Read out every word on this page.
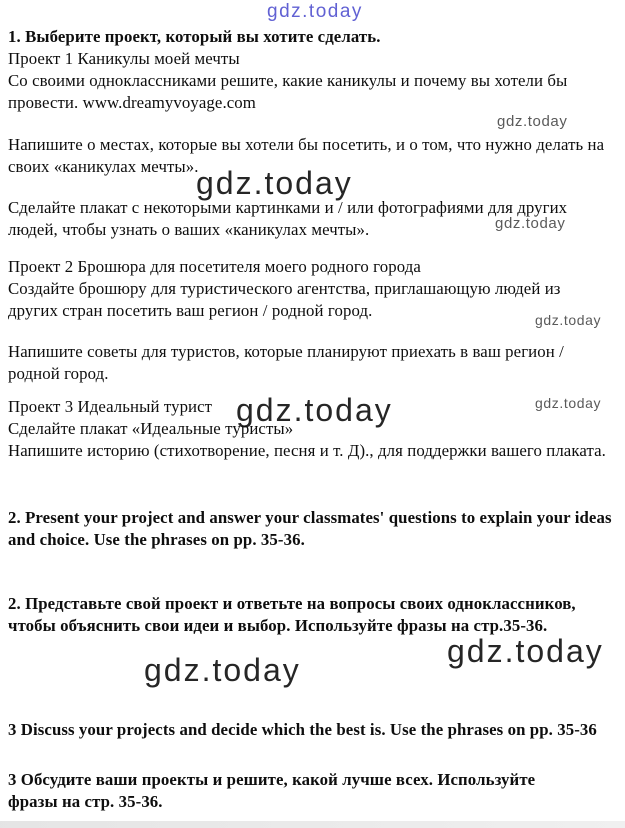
gdz.today
gdz.today
gdz.today
gdz.today
gdz.today
gdz.today
gdz.today
gdz.today
gdz.today
1. Выберите проект, который вы хотите сделать.
Проект 1 Каникулы моей мечты
Со своими одноклассниками решите, какие каникулы и почему вы хотели бы провести. www.dreamyvoyage.com
Напишите о местах, которые вы хотели бы посетить, и о том, что нужно делать на своих «каникулах мечты».
Сделайте плакат с некоторыми картинками и / или фотографиями для других людей, чтобы узнать о ваших «каникулах мечты».
Проект 2 Брошюра для посетителя моего родного города
Создайте брошюру для туристического агентства, приглашающую людей из других стран посетить ваш регион / родной город.
Напишите советы для туристов, которые планируют приехать в ваш регион / родной город.
Проект 3 Идеальный турист
Сделайте плакат «Идеальные туристы»
Напишите историю (стихотворение, песня и т. Д)., для поддержки вашего плаката.
2. Present your project and answer your classmates' questions to explain your ideas and choice. Use the phrases on pp. 35-36.
2. Представьте свой проект и ответьте на вопросы своих одноклассников, чтобы объяснить свои идеи и выбор. Используйте фразы на стр.35-36.
3 Discuss your projects and decide which the best is. Use the phrases on pp. 35-36
3 Обсудите ваши проекты и решите, какой лучше всех. Используйте фразы на стр. 35-36.
